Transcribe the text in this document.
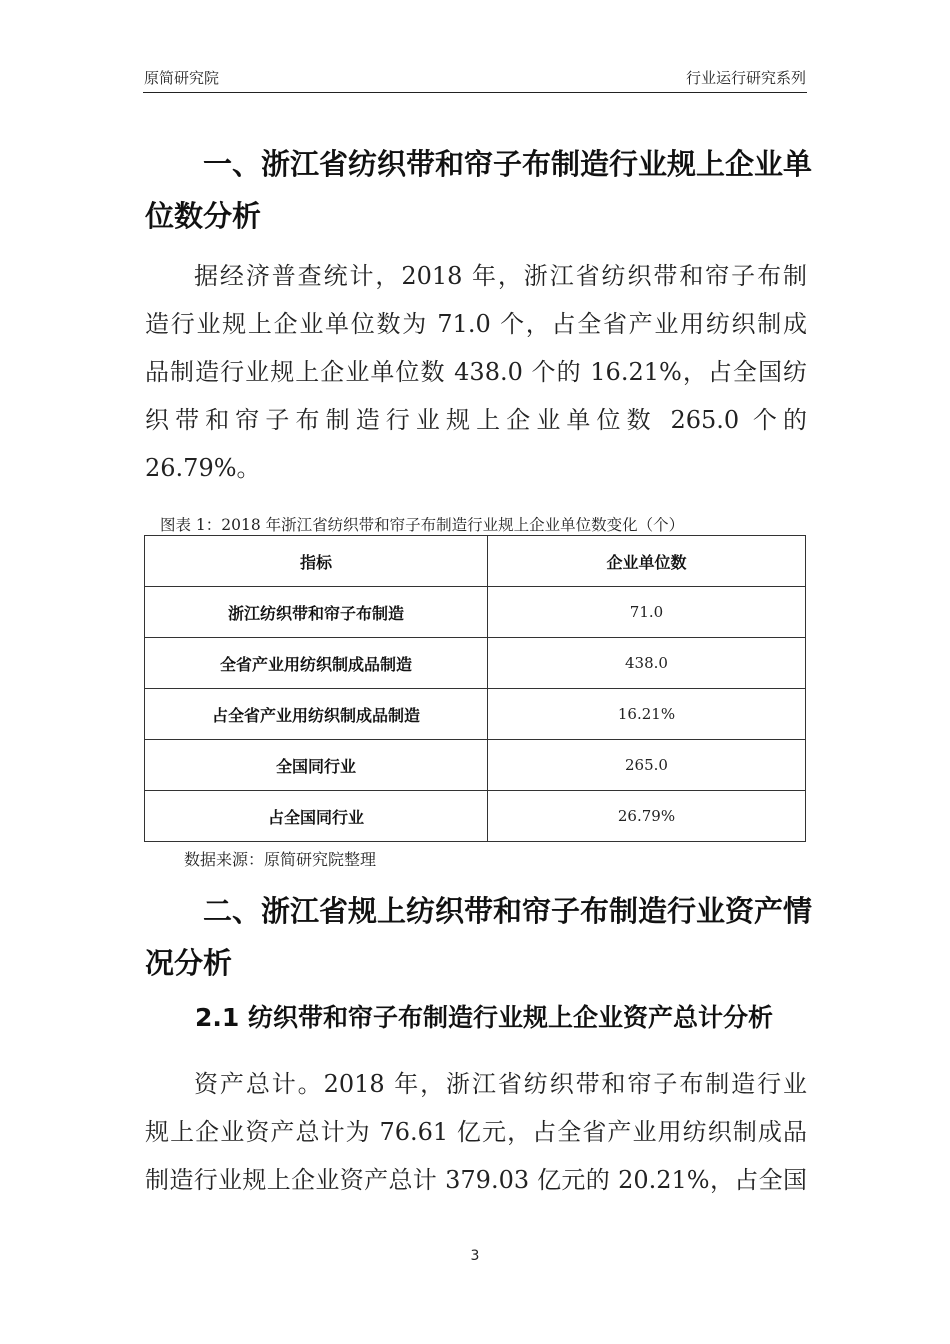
原简研究院	行业运行研究系列
一、浙江省纺织带和帘子布制造行业规上企业单
位数分析
据经济普查统计，2018 年，浙江省纺织带和帘子布制
造行业规上企业单位数为 71.0 个，占全省产业用纺织制成
品制造行业规上企业单位数 438.0 个的 16.21%，占全国纺
织带和帘子布制造行业规上企业单位数 265.0 个的
26.79%。
图表 1：2018 年浙江省纺织带和帘子布制造行业规上企业单位数变化（个）
指标	企业单位数
浙江纺织带和帘子布制造	71.0
全省产业用纺织制成品制造	438.0
占全省产业用纺织制成品制造	16.21%
全国同行业	265.0
占全国同行业	26.79%
数据来源：原简研究院整理
二、浙江省规上纺织带和帘子布制造行业资产情
况分析
2.1 纺织带和帘子布制造行业规上企业资产总计分析
资产总计。2018 年，浙江省纺织带和帘子布制造行业
规上企业资产总计为 76.61 亿元，占全省产业用纺织制成品
制造行业规上企业资产总计 379.03 亿元的 20.21%，占全国
3
